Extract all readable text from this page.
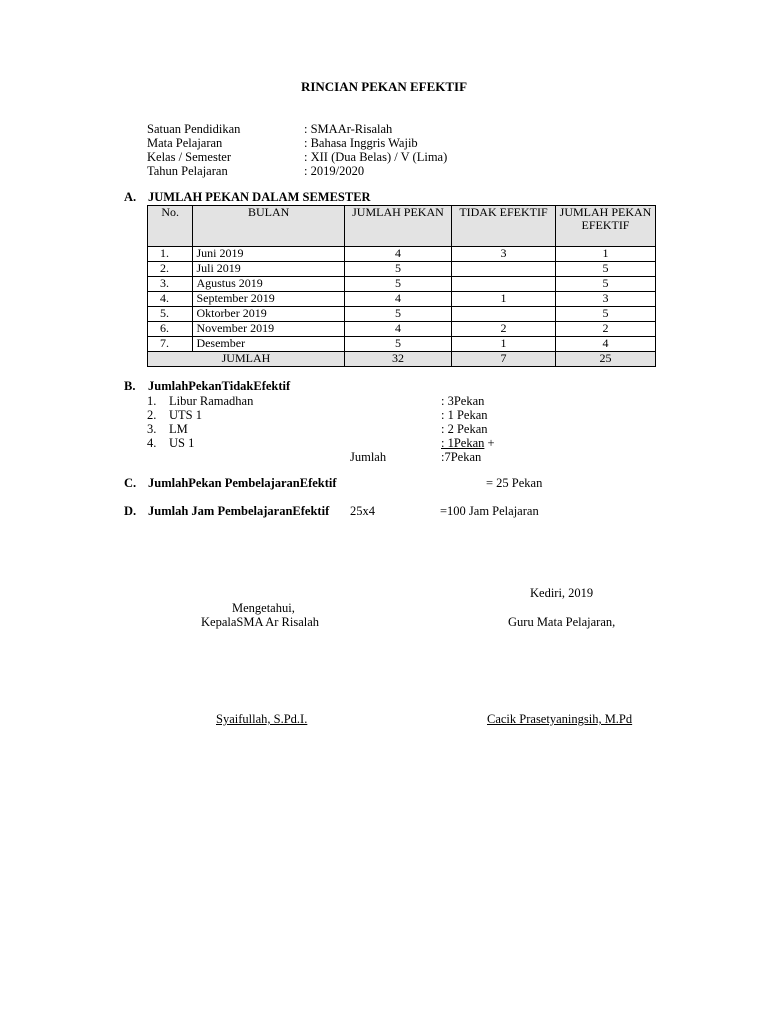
RINCIAN PEKAN EFEKTIF
Satuan Pendidikan	: SMAAr-Risalah
Mata Pelajaran	: Bahasa Inggris Wajib
Kelas / Semester	: XII (Dua Belas) / V (Lima)
Tahun Pelajaran	: 2019/2020
A. JUMLAH PEKAN DALAM SEMESTER
No.	BULAN	JUMLAH PEKAN	TIDAK EFEKTIF	JUMLAH PEKAN EFEKTIF
1.	Juni 2019	4	3	1
2.	Juli 2019	5		5
3.	Agustus 2019	5		5
4.	September 2019	4	1	3
5.	Oktorber 2019	5		5
6.	November 2019	4	2	2
7.	Desember	5	1	4
JUMLAH		32	7	25
B. JumlahPekanTidakEfektif
1. Libur Ramadhan	: 3Pekan
2. UTS 1	: 1 Pekan
3. LM	: 2 Pekan
4. US 1	: 1Pekan +
Jumlah	:7Pekan
C. JumlahPekan PembelajaranEfektif	= 25 Pekan
D. Jumlah Jam PembelajaranEfektif 25x4	=100 Jam Pelajaran
Kediri, 2019
Mengetahui,
KepalaSMA Ar Risalah	Guru Mata Pelajaran,
Syaifullah, S.Pd.I.	Cacik Prasetyaningsih, M.Pd
